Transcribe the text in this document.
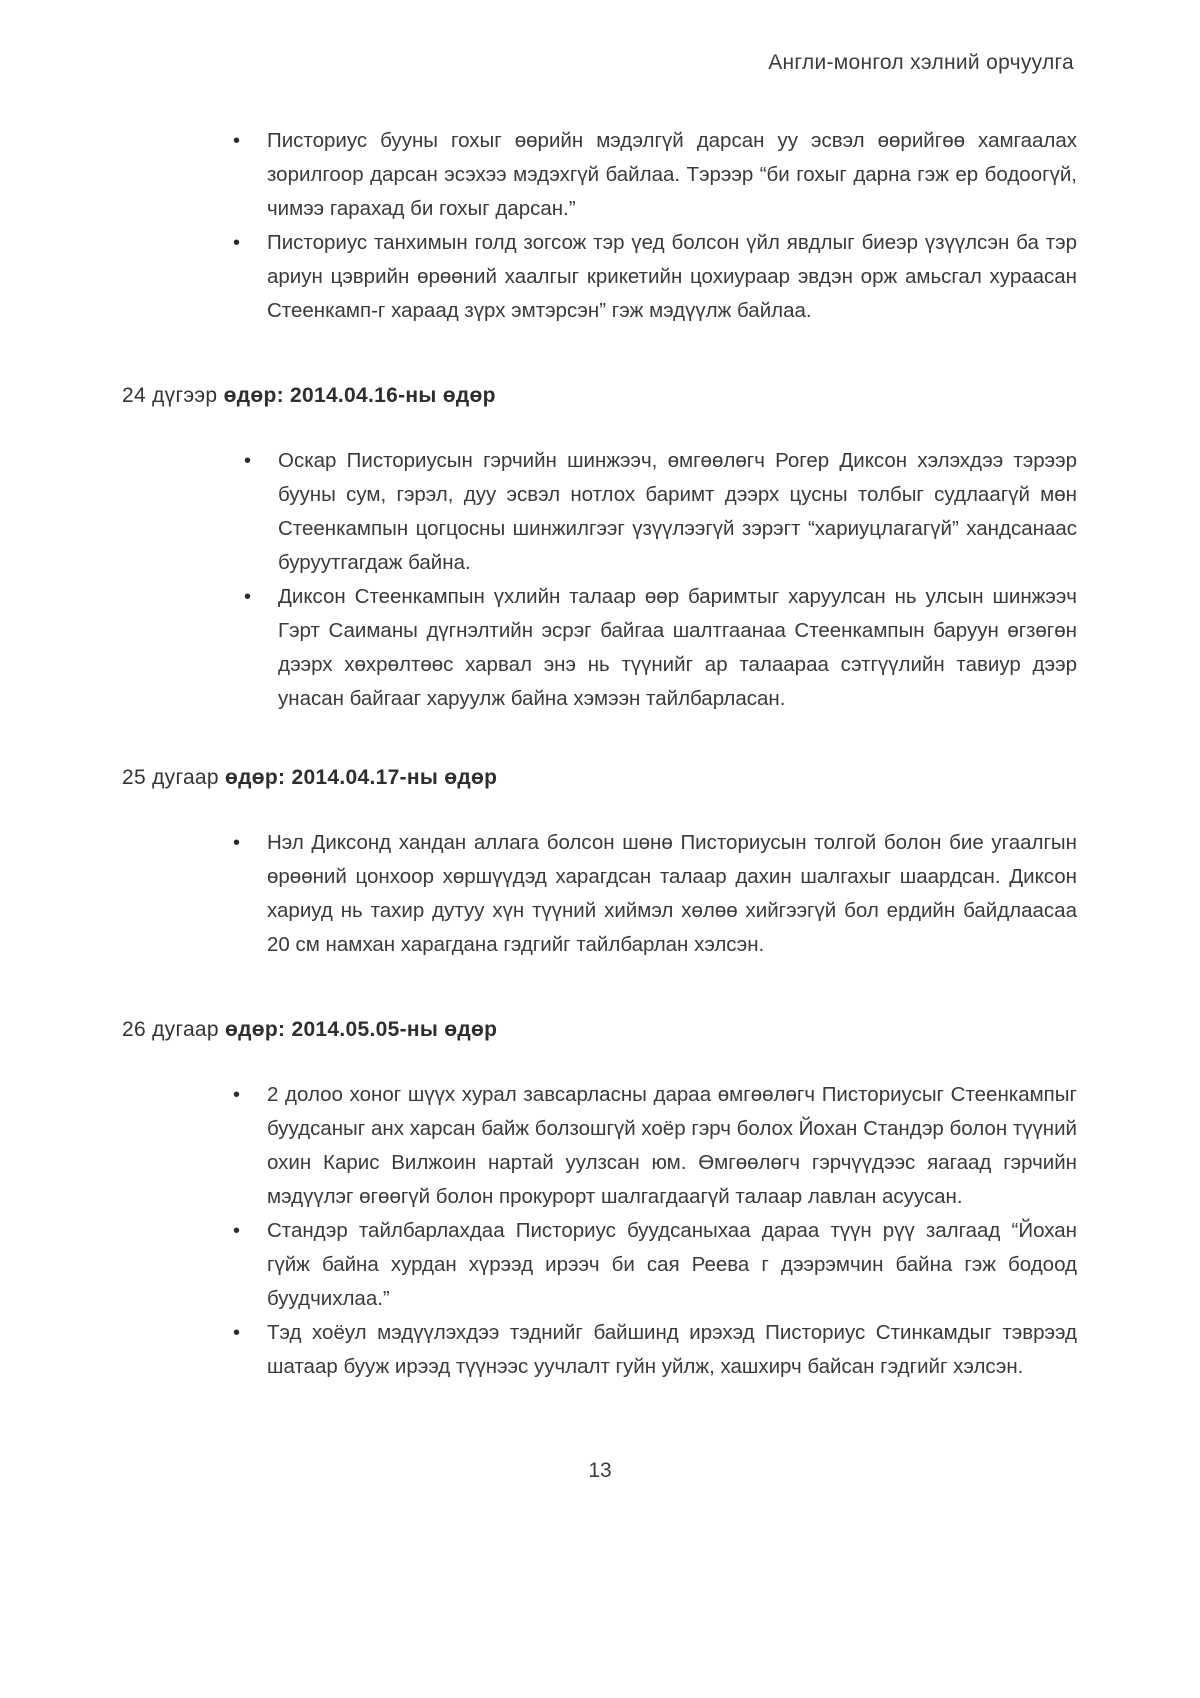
Англи-монгол хэлний орчуулга
• Писториус бууны гохыг өөрийн мэдэлгүй дарсан уу эсвэл өөрийгөө хамгаалах зорилгоор дарсан эсэхээ мэдэхгүй байлаа. Тэрээр “би гохыг дарна гэж ер бодоогүй, чимээ гарахад би гохыг дарсан.”
• Писториус танхимын голд зогсож тэр үед болсон үйл явдлыг биеэр үзүүлсэн ба тэр ариун цэврийн өрөөний хаалгыг крикетийн цохиураар эвдэн орж амьсгал хураасан Стеенкамп-г хараад зүрх эмтэрсэн” гэж мэдүүлж байлаа.
24 дүгээр өдөр: 2014.04.16-ны өдөр
• Оскар Писториусын гэрчийн шинжээч, өмгөөлөгч Рогер Диксон хэлэхдээ тэрээр бууны сум, гэрэл, дуу эсвэл нотлох баримт дээрх цусны толбыг судлаагүй мөн Стеенкампын цогцосны шинжилгээг үзүүлээгүй зэрэгт “хариуцлагагүй” хандсанаас буруутгагдаж байна.
• Диксон Стеенкампын үхлийн талаар өөр баримтыг харуулсан нь улсын шинжээч Гэрт Саиманы дүгнэлтийн эсрэг байгаа шалтгаанаа Стеенкампын баруун өгзөгөн дээрх хөхрөлтөөс харвал энэ нь түүнийг ар талаараа сэтгүүлийн тавиур дээр унасан байгааг харуулж байна хэмээн тайлбарласан.
25 дугаар өдөр: 2014.04.17-ны өдөр
• Нэл Диксонд хандан аллага болсон шөнө Писториусын толгой болон бие угаалгын өрөөний цонхоор хөршүүдэд харагдсан талаар дахин шалгахыг шаардсан. Диксон хариуд нь тахир дутуу хүн түүний хиймэл хөлөө хийгээгүй бол ердийн байдлаасаа 20 см намхан харагдана гэдгийг тайлбарлан хэлсэн.
26 дугаар өдөр: 2014.05.05-ны өдөр
• 2 долоо хоног шүүх хурал завсарласны дараа өмгөөлөгч Писториусыг Стеенкампыг буудсаныг анх харсан байж болзошгүй хоёр гэрч болох Йохан Стандэр болон түүний охин Карис Вилжоин нартай уулзсан юм. Өмгөөлөгч гэрчүүдээс яагаад гэрчийн мэдүүлэг өгөөгүй болон прокурорт шалгагдаагүй талаар лавлан асуусан.
• Стандэр тайлбарлахдаа Писториус буудсаныхаа дараа түүн рүү залгаад “Йохан гүйж байна хурдан хүрээд ирээч би сая Реева г дээрэмчин байна гэж бодоод буудчихлаа.”
• Тэд хоёул мэдүүлэхдээ тэднийг байшинд ирэхэд Писториус Стинкамдыг тэврээд шатаар бууж ирээд түүнээс уучлалт гуйн уйлж, хашхирч байсан гэдгийг хэлсэн.
13
